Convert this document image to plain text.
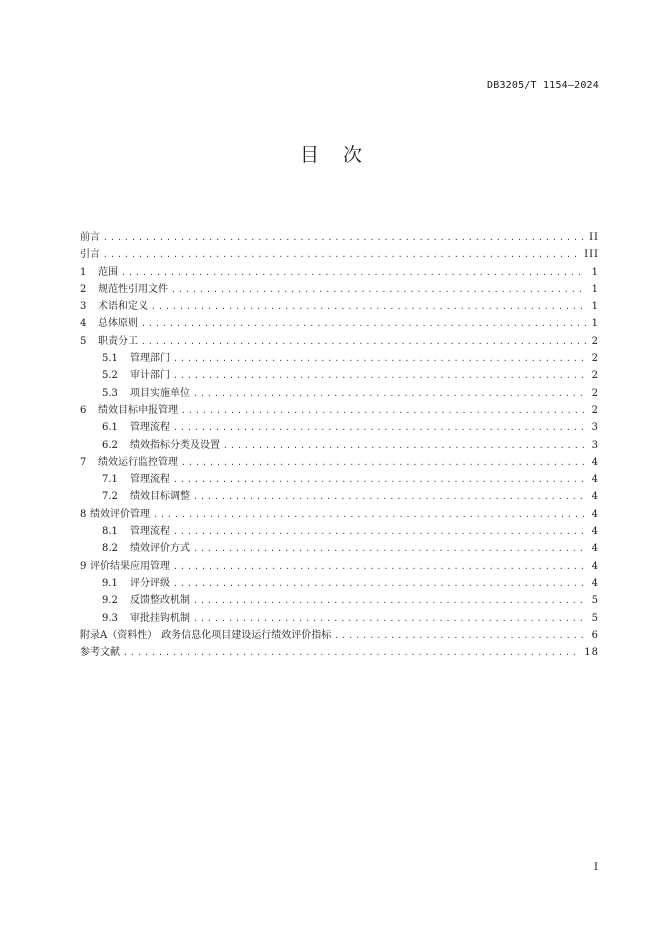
DB3205/T 1154—2024
目次
前言 .....	II
引言 .....	III
1	范围 .....	1
2	规范性引用文件 .....	1
3	术语和定义 .....	1
4	总体原则 .....	1
5	职责分工 .....	2
5.1	管理部门 .....	2
5.2	审计部门 .....	2
5.3	项目实施单位 .....	2
6	绩效目标申报管理 .....	2
6.1	管理流程 .....	3
6.2	绩效指标分类及设置 .....	3
7	绩效运行监控管理 .....	4
7.1	管理流程 .....	4
7.2	绩效目标调整 .....	4
8 绩效评价管理 .....	4
8.1	管理流程 .....	4
8.2	绩效评价方式 .....	4
9 评价结果应用管理 .....	4
9.1	评分评级 .....	4
9.2	反馈整改机制 .....	5
9.3	审批挂钩机制 .....	5
附录A（资料性） 政务信息化项目建设运行绩效评价指标 .....	6
参考文献 .....	18
I
